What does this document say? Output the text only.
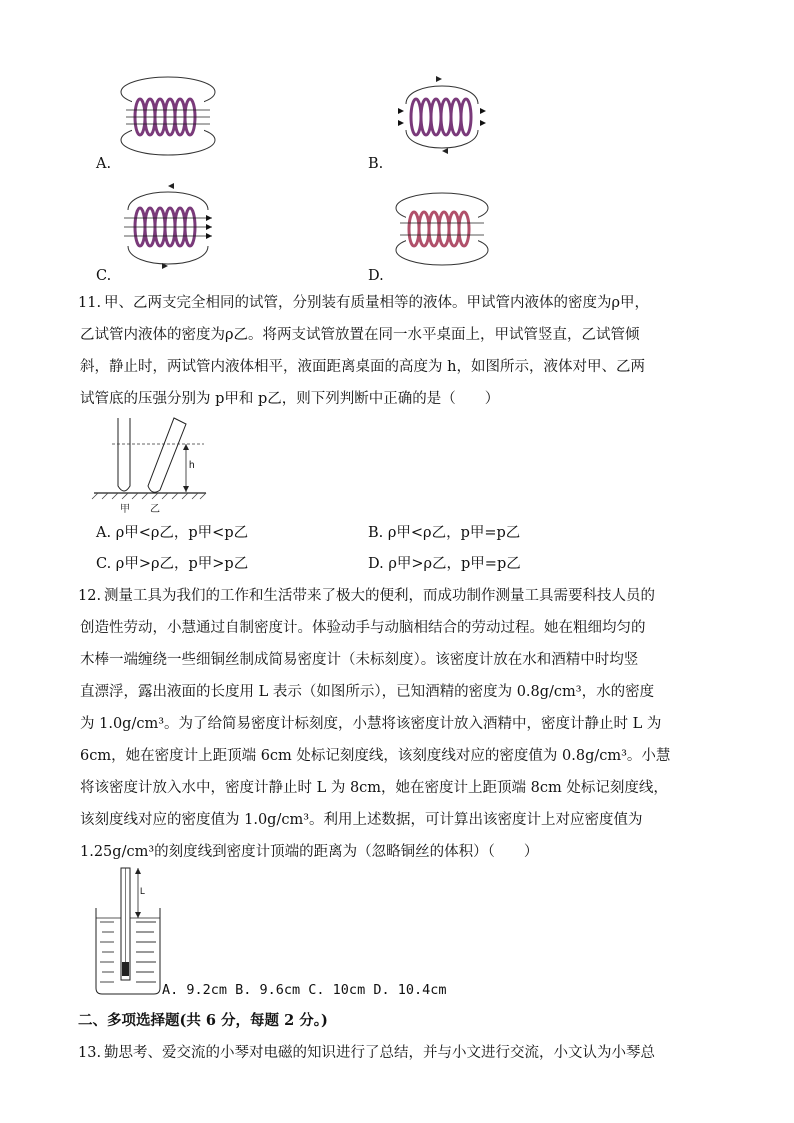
A.	B.
C.	D.
11. 甲、乙两支完全相同的试管，分别装有质量相等的液体。甲试管内液体的密度为ρ甲，
乙试管内液体的密度为ρ乙。将两支试管放置在同一水平桌面上，甲试管竖直，乙试管倾
斜，静止时，两试管内液体相平，液面距离桌面的高度为 h，如图所示，液体对甲、乙两
试管底的压强分别为 p甲和 p乙，则下列判断中正确的是（　　）
h
甲 乙
A. ρ甲<ρ乙，p甲<p乙	B. ρ甲<ρ乙，p甲=p乙
C. ρ甲>ρ乙，p甲>p乙	D. ρ甲>ρ乙，p甲=p乙
12. 测量工具为我们的工作和生活带来了极大的便利，而成功制作测量工具需要科技人员的
创造性劳动，小慧通过自制密度计。体验动手与动脑相结合的劳动过程。她在粗细均匀的
木棒一端缠绕一些细铜丝制成简易密度计（未标刻度）。该密度计放在水和酒精中时均竖
直漂浮，露出液面的长度用 L 表示（如图所示），已知酒精的密度为 0.8g/cm³，水的密度
为 1.0g/cm³。为了给简易密度计标刻度，小慧将该密度计放入酒精中，密度计静止时 L 为
6cm，她在密度计上距顶端 6cm 处标记刻度线，该刻度线对应的密度值为 0.8g/cm³。小慧
将该密度计放入水中，密度计静止时 L 为 8cm，她在密度计上距顶端 8cm 处标记刻度线，
该刻度线对应的密度值为 1.0g/cm³。利用上述数据，可计算出该密度计上对应密度值为
1.25g/cm³的刻度线到密度计顶端的距离为（忽略铜丝的体积）（　　）
L
A. 9.2cm B. 9.6cm C. 10cm D. 10.4cm
二、多项选择题(共 6 分，每题 2 分。)
13. 勤思考、爱交流的小琴对电磁的知识进行了总结，并与小文进行交流，小文认为小琴总
